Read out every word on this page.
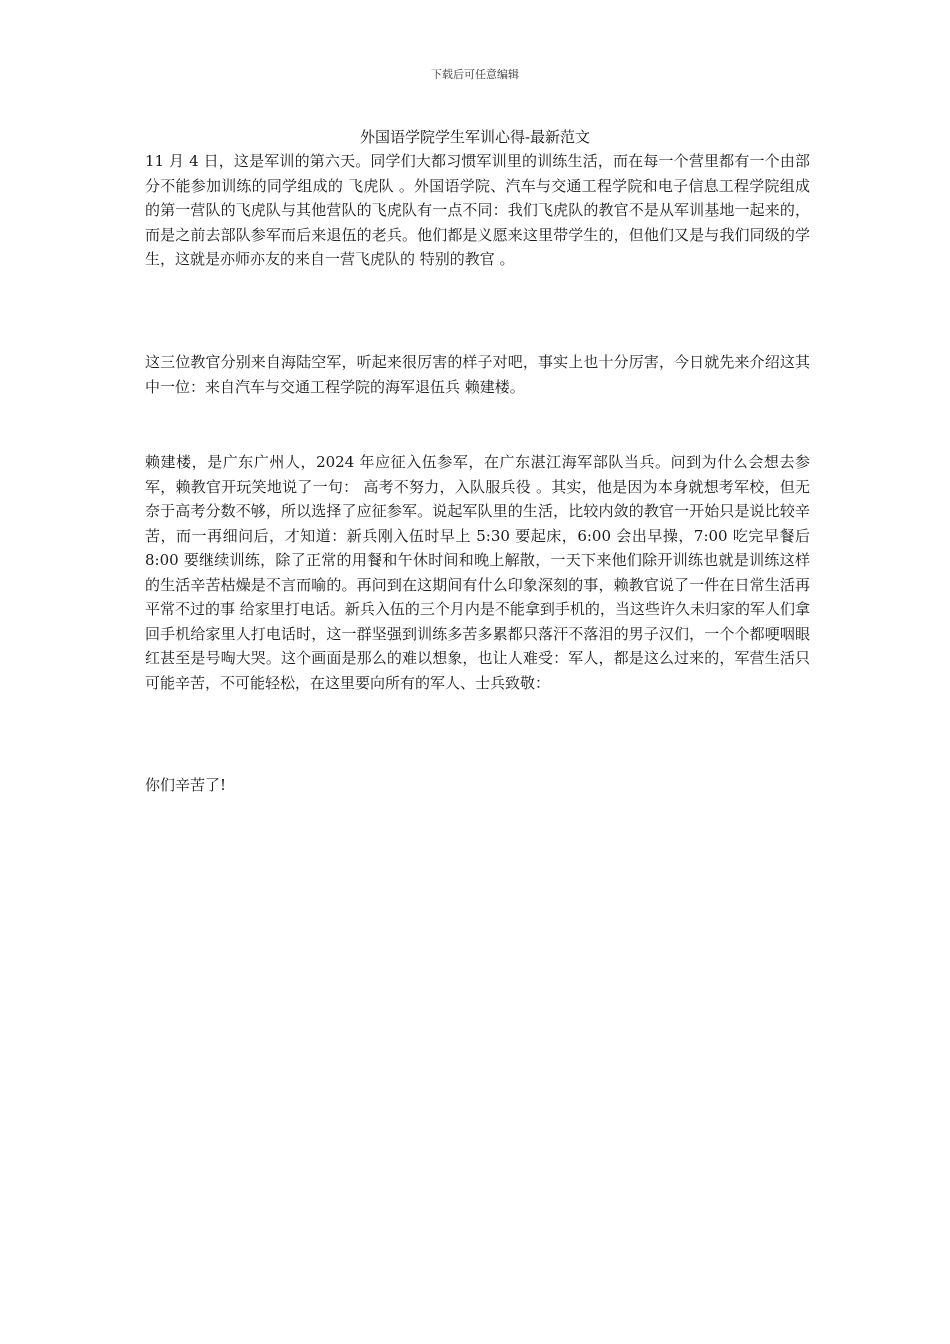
下载后可任意编辑
外国语学院学生军训心得-最新范文

11 月 4 日，这是军训的第六天。同学们大都习惯军训里的训练生活，而在每一个营里都有一个由部分不能参加训练的同学组成的 飞虎队 。外国语学院、汽车与交通工程学院和电子信息工程学院组成的第一营队的飞虎队与其他营队的飞虎队有一点不同：我们飞虎队的教官不是从军训基地一起来的，而是之前去部队参军而后来退伍的老兵。他们都是义愿来这里带学生的，但他们又是与我们同级的学生，这就是亦师亦友的来自一营飞虎队的 特别的教官 。

这三位教官分别来自海陆空军，听起来很厉害的样子对吧，事实上也十分厉害，今日就先来介绍这其中一位：来自汽车与交通工程学院的海军退伍兵 赖建楼。

赖建楼，是广东广州人，2024 年应征入伍参军，在广东湛江海军部队当兵。问到为什么会想去参军，赖教官开玩笑地说了一句： 高考不努力，入队服兵役 。其实，他是因为本身就想考军校，但无奈于高考分数不够，所以选择了应征参军。说起军队里的生活，比较内敛的教官一开始只是说比较辛苦，而一再细问后，才知道：新兵刚入伍时早上 5:30 要起床，6:00 会出早操，7:00 吃完早餐后 8:00 要继续训练，除了正常的用餐和午休时间和晚上解散，一天下来他们除开训练也就是训练这样的生活辛苦枯燥是不言而喻的。再问到在这期间有什么印象深刻的事，赖教官说了一件在日常生活再平常不过的事 给家里打电话。新兵入伍的三个月内是不能拿到手机的，当这些许久未归家的军人们拿回手机给家里人打电话时，这一群坚强到训练多苦多累都只落汗不落泪的男子汉们，一个个都哽咽眼红甚至是号啕大哭。这个画面是那么的难以想象，也让人难受：军人，都是这么过来的，军营生活只可能辛苦，不可能轻松，在这里要向所有的军人、士兵致敬：

你们辛苦了!
